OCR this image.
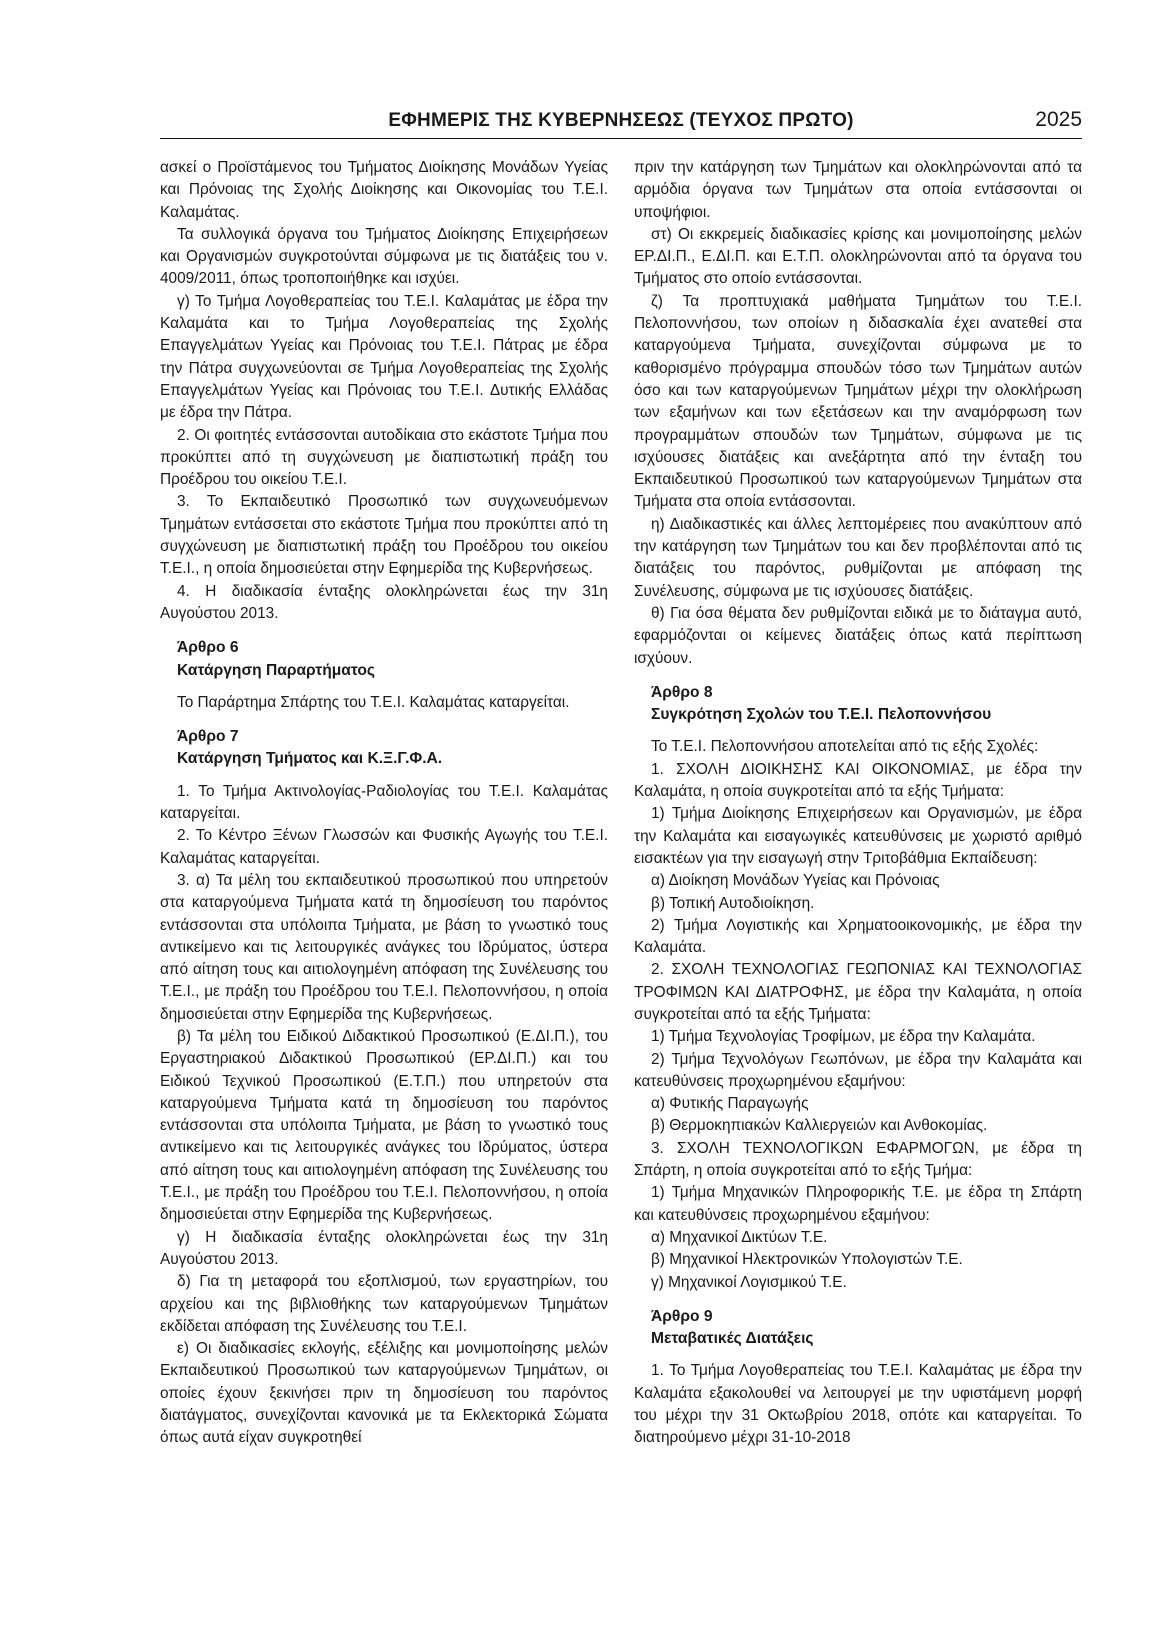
ΕΦΗΜΕΡΙΣ ΤΗΣ ΚΥΒΕΡΝΗΣΕΩΣ (ΤΕΥΧΟΣ ΠΡΩΤΟ)	2025

ασκεί ο Προϊστάμενος του Τμήματος Διοίκησης Μονάδων Υγείας και Πρόνοιας της Σχολής Διοίκησης και Οικονομίας του Τ.Ε.Ι. Καλαμάτας.

Τα συλλογικά όργανα του Τμήματος Διοίκησης Επιχειρήσεων και Οργανισμών συγκροτούνται σύμφωνα με τις διατάξεις του ν. 4009/2011, όπως τροποποιήθηκε και ισχύει.

γ) Το Τμήμα Λογοθεραπείας του Τ.Ε.Ι. Καλαμάτας με έδρα την Καλαμάτα και το Τμήμα Λογοθεραπείας της Σχολής Επαγγελμάτων Υγείας και Πρόνοιας του Τ.Ε.Ι. Πάτρας με έδρα την Πάτρα συγχωνεύονται σε Τμήμα Λογοθεραπείας της Σχολής Επαγγελμάτων Υγείας και Πρόνοιας του Τ.Ε.Ι. Δυτικής Ελλάδας με έδρα την Πάτρα.

2. Οι φοιτητές εντάσσονται αυτοδίκαια στο εκάστοτε Τμήμα που προκύπτει από τη συγχώνευση με διαπιστωτική πράξη του Προέδρου του οικείου Τ.Ε.Ι.

3. Το Εκπαιδευτικό Προσωπικό των συγχωνευόμενων Τμημάτων εντάσσεται στο εκάστοτε Τμήμα που προκύπτει από τη συγχώνευση με διαπιστωτική πράξη του Προέδρου του οικείου Τ.Ε.Ι., η οποία δημοσιεύεται στην Εφημερίδα της Κυβερνήσεως.

4. Η διαδικασία ένταξης ολοκληρώνεται έως την 31η Αυγούστου 2013.

Άρθρο 6

Κατάργηση Παραρτήματος

Το Παράρτημα Σπάρτης του Τ.Ε.Ι. Καλαμάτας καταργείται.

Άρθρο 7

Κατάργηση Τμήματος και Κ.Ξ.Γ.Φ.Α.

1. Το Τμήμα Ακτινολογίας-Ραδιολογίας του Τ.Ε.Ι. Καλαμάτας καταργείται.

2. Το Κέντρο Ξένων Γλωσσών και Φυσικής Αγωγής του Τ.Ε.Ι. Καλαμάτας καταργείται.

3. α) Τα μέλη του εκπαιδευτικού προσωπικού που υπηρετούν στα καταργούμενα Τμήματα κατά τη δημοσίευση του παρόντος εντάσσονται στα υπόλοιπα Τμήματα, με βάση το γνωστικό τους αντικείμενο και τις λειτουργικές ανάγκες του Ιδρύματος, ύστερα από αίτηση τους και αιτιολογημένη απόφαση της Συνέλευσης του Τ.Ε.Ι., με πράξη του Προέδρου του Τ.Ε.Ι. Πελοποννήσου, η οποία δημοσιεύεται στην Εφημερίδα της Κυβερνήσεως.

β) Τα μέλη του Ειδικού Διδακτικού Προσωπικού (Ε.ΔΙ.Π.), του Εργαστηριακού Διδακτικού Προσωπικού (ΕΡ.ΔΙ.Π.) και του Ειδικού Τεχνικού Προσωπικού (Ε.Τ.Π.) που υπηρετούν στα καταργούμενα Τμήματα κατά τη δημοσίευση του παρόντος εντάσσονται στα υπόλοιπα Τμήματα, με βάση το γνωστικό τους αντικείμενο και τις λειτουργικές ανάγκες του Ιδρύματος, ύστερα από αίτηση τους και αιτιολογημένη απόφαση της Συνέλευσης του Τ.Ε.Ι., με πράξη του Προέδρου του Τ.Ε.Ι. Πελοποννήσου, η οποία δημοσιεύεται στην Εφημερίδα της Κυβερνήσεως.

γ) Η διαδικασία ένταξης ολοκληρώνεται έως την 31η Αυγούστου 2013.

δ) Για τη μεταφορά του εξοπλισμού, των εργαστηρίων, του αρχείου και της βιβλιοθήκης των καταργούμενων Τμημάτων εκδίδεται απόφαση της Συνέλευσης του Τ.Ε.Ι.

ε) Οι διαδικασίες εκλογής, εξέλιξης και μονιμοποίησης μελών Εκπαιδευτικού Προσωπικού των καταργούμενων Τμημάτων, οι οποίες έχουν ξεκινήσει πριν τη δημοσίευση του παρόντος διατάγματος, συνεχίζονται κανονικά με τα Εκλεκτορικά Σώματα όπως αυτά είχαν συγκροτηθεί

πριν την κατάργηση των Τμημάτων και ολοκληρώνονται από τα αρμόδια όργανα των Τμημάτων στα οποία εντάσσονται οι υποψήφιοι.

στ) Οι εκκρεμείς διαδικασίες κρίσης και μονιμοποίησης μελών ΕΡ.ΔΙ.Π., Ε.ΔΙ.Π. και Ε.Τ.Π. ολοκληρώνονται από τα όργανα του Τμήματος στο οποίο εντάσσονται.

ζ) Τα προπτυχιακά μαθήματα Τμημάτων του Τ.Ε.Ι. Πελοποννήσου, των οποίων η διδασκαλία έχει ανατεθεί στα καταργούμενα Τμήματα, συνεχίζονται σύμφωνα με το καθορισμένο πρόγραμμα σπουδών τόσο των Τμημάτων αυτών όσο και των καταργούμενων Τμημάτων μέχρι την ολοκλήρωση των εξαμήνων και των εξετάσεων και την αναμόρφωση των προγραμμάτων σπουδών των Τμημάτων, σύμφωνα με τις ισχύουσες διατάξεις και ανεξάρτητα από την ένταξη του Εκπαιδευτικού Προσωπικού των καταργούμενων Τμημάτων στα Τμήματα στα οποία εντάσσονται.

η) Διαδικαστικές και άλλες λεπτομέρειες που ανακύπτουν από την κατάργηση των Τμημάτων του και δεν προβλέπονται από τις διατάξεις του παρόντος, ρυθμίζονται με απόφαση της Συνέλευσης, σύμφωνα με τις ισχύουσες διατάξεις.

θ) Για όσα θέματα δεν ρυθμίζονται ειδικά με το διάταγμα αυτό, εφαρμόζονται οι κείμενες διατάξεις όπως κατά περίπτωση ισχύουν.

Άρθρο 8

Συγκρότηση Σχολών του Τ.Ε.Ι. Πελοποννήσου

Το Τ.Ε.Ι. Πελοποννήσου αποτελείται από τις εξής Σχολές:

1. ΣΧΟΛΗ ΔΙΟΙΚΗΣΗΣ ΚΑΙ ΟΙΚΟΝΟΜΙΑΣ, με έδρα την Καλαμάτα, η οποία συγκροτείται από τα εξής Τμήματα:

1) Τμήμα Διοίκησης Επιχειρήσεων και Οργανισμών, με έδρα την Καλαμάτα και εισαγωγικές κατευθύνσεις με χωριστό αριθμό εισακτέων για την εισαγωγή στην Τριτοβάθμια Εκπαίδευση:

α) Διοίκηση Μονάδων Υγείας και Πρόνοιας

β) Τοπική Αυτοδιοίκηση.

2) Τμήμα Λογιστικής και Χρηματοοικονομικής, με έδρα την Καλαμάτα.

2. ΣΧΟΛΗ ΤΕΧΝΟΛΟΓΙΑΣ ΓΕΩΠΟΝΙΑΣ ΚΑΙ ΤΕΧΝΟΛΟΓΙΑΣ ΤΡΟΦΙΜΩΝ ΚΑΙ ΔΙΑΤΡΟΦΗΣ, με έδρα την Καλαμάτα, η οποία συγκροτείται από τα εξής Τμήματα:

1) Τμήμα Τεχνολογίας Τροφίμων, με έδρα την Καλαμάτα.

2) Τμήμα Τεχνολόγων Γεωπόνων, με έδρα την Καλαμάτα και κατευθύνσεις προχωρημένου εξαμήνου:

α) Φυτικής Παραγωγής

β) Θερμοκηπιακών Καλλιεργειών και Ανθοκομίας.

3. ΣΧΟΛΗ ΤΕΧΝΟΛΟΓΙΚΩΝ ΕΦΑΡΜΟΓΩΝ, με έδρα τη Σπάρτη, η οποία συγκροτείται από το εξής Τμήμα:

1) Τμήμα Μηχανικών Πληροφορικής Τ.Ε. με έδρα τη Σπάρτη και κατευθύνσεις προχωρημένου εξαμήνου:

α) Μηχανικοί Δικτύων Τ.Ε.

β) Μηχανικοί Ηλεκτρονικών Υπολογιστών Τ.Ε.

γ) Μηχανικοί Λογισμικού Τ.Ε.

Άρθρο 9

Μεταβατικές Διατάξεις

1. Το Τμήμα Λογοθεραπείας του Τ.Ε.Ι. Καλαμάτας με έδρα την Καλαμάτα εξακολουθεί να λειτουργεί με την υφιστάμενη μορφή του μέχρι την 31 Οκτωβρίου 2018, οπότε και καταργείται. Το διατηρούμενο μέχρι 31-10-2018
